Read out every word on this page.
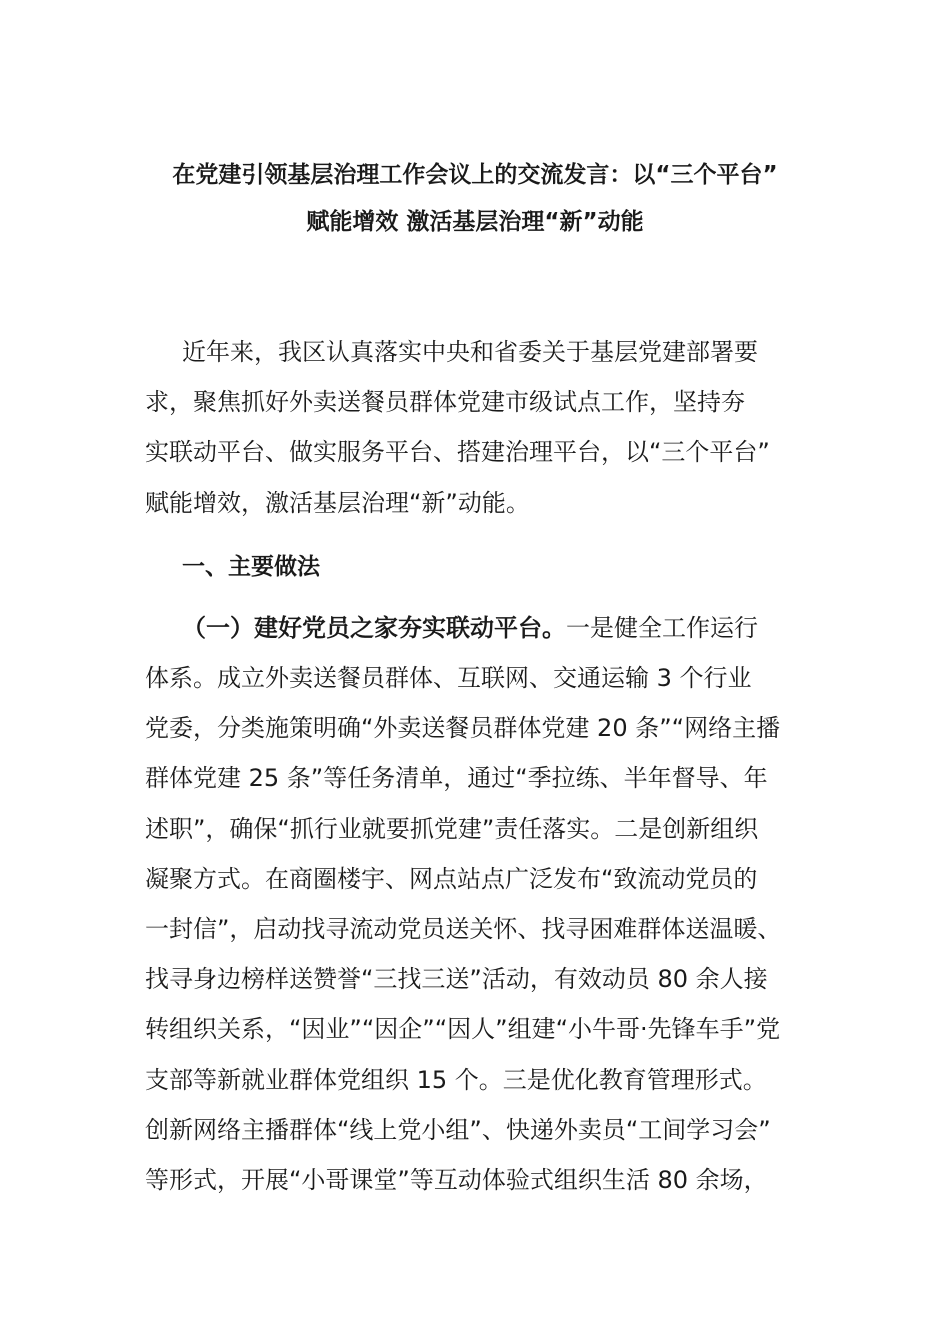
在党建引领基层治理工作会议上的交流发言：以“三个平台”
赋能增效 激活基层治理“新”动能
近年来，我区认真落实中央和省委关于基层党建部署要
求，聚焦抓好外卖送餐员群体党建市级试点工作，坚持夯
实联动平台、做实服务平台、搭建治理平台，以“三个平台”
赋能增效，激活基层治理“新”动能。
一、主要做法
（一）建好党员之家夯实联动平台。一是健全工作运行
体系。成立外卖送餐员群体、互联网、交通运输 3 个行业
党委，分类施策明确“外卖送餐员群体党建 20 条”“网络主播
群体党建 25 条”等任务清单，通过“季拉练、半年督导、年
述职”，确保“抓行业就要抓党建”责任落实。二是创新组织
凝聚方式。在商圈楼宇、网点站点广泛发布“致流动党员的
一封信”，启动找寻流动党员送关怀、找寻困难群体送温暖、
找寻身边榜样送赞誉“三找三送”活动，有效动员 80 余人接
转组织关系，“因业”“因企”“因人”组建“小牛哥·先锋车手”党
支部等新就业群体党组织 15 个。三是优化教育管理形式。
创新网络主播群体“线上党小组”、快递外卖员“工间学习会”
等形式，开展“小哥课堂”等互动体验式组织生活 80 余场，
